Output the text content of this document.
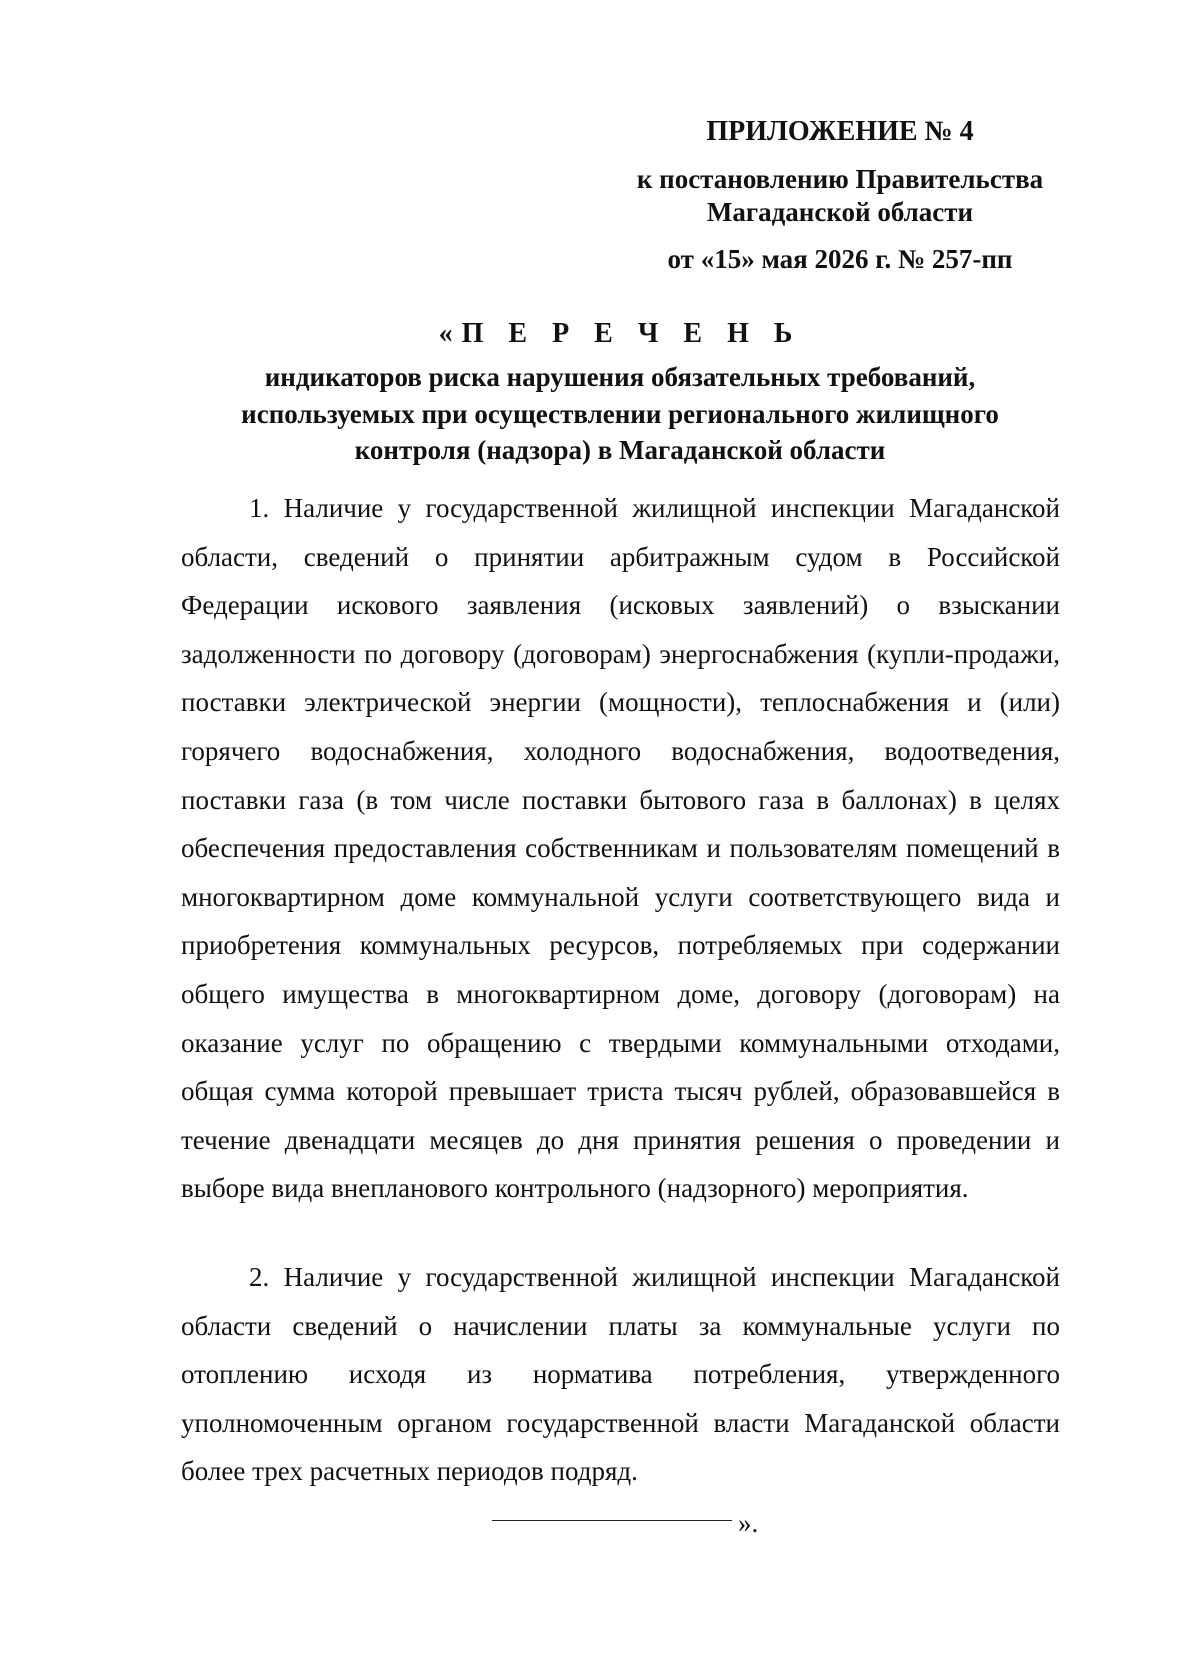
ПРИЛОЖЕНИЕ № 4
к постановлению Правительства
Магаданской области
от «15» мая 2026 г. № 257-пп
«П Е Р Е Ч Е Н Ь
индикаторов риска нарушения обязательных требований,
используемых при осуществлении регионального жилищного
контроля (надзора) в Магаданской области

1. Наличие у государственной жилищной инспекции Магаданской области, сведений о принятии арбитражным судом в Российской Федерации искового заявления (исковых заявлений) о взыскании задолженности по договору (договорам) энергоснабжения (купли-продажи, поставки электрической энергии (мощности), теплоснабжения и (или) горячего водоснабжения, холодного водоснабжения, водоотведения, поставки газа (в том числе поставки бытового газа в баллонах) в целях обеспечения предоставления собственникам и пользователям помещений в многоквартирном доме коммунальной услуги соответствующего вида и приобретения коммунальных ресурсов, потребляемых при содержании общего имущества в многоквартирном доме, договору (договорам) на оказание услуг по обращению с твердыми коммунальными отходами, общая сумма которой превышает триста тысяч рублей, образовавшейся в течение двенадцати месяцев до дня принятия решения о проведении и выборе вида внепланового контрольного (надзорного) мероприятия.

2. Наличие у государственной жилищной инспекции Магаданской области сведений о начислении платы за коммунальные услуги по отоплению исходя из норматива потребления, утвержденного уполномоченным органом государственной власти Магаданской области более трех расчетных периодов подряд.

».
